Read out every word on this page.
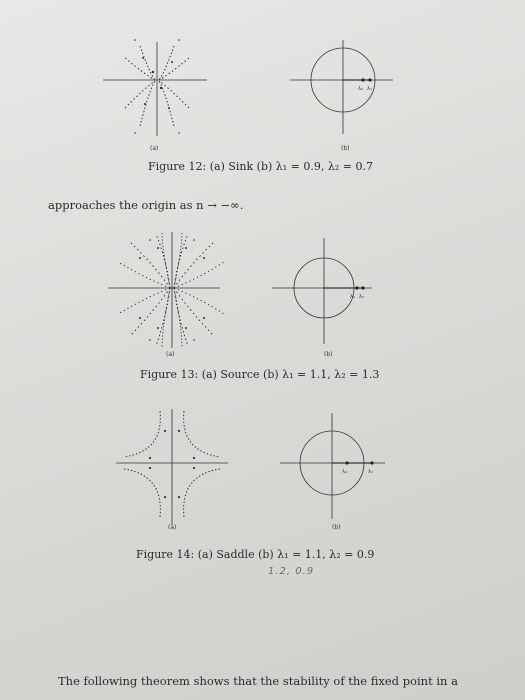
(a)
λ₂ λ₁
(b)
Figure 12: (a) Sink (b) λ₁ = 0.9, λ₂ = 0.7
approaches the origin as n → −∞.
(a)
λ₁ λ₂
(b)
Figure 13: (a) Source (b) λ₁ = 1.1, λ₂ = 1.3
(a)
λ₂	λ₁
(b)
Figure 14: (a) Saddle (b) λ₁ = 1.1, λ₂ = 0.9
1.2, 0.9
The following theorem shows that the stability of the fixed point in a
